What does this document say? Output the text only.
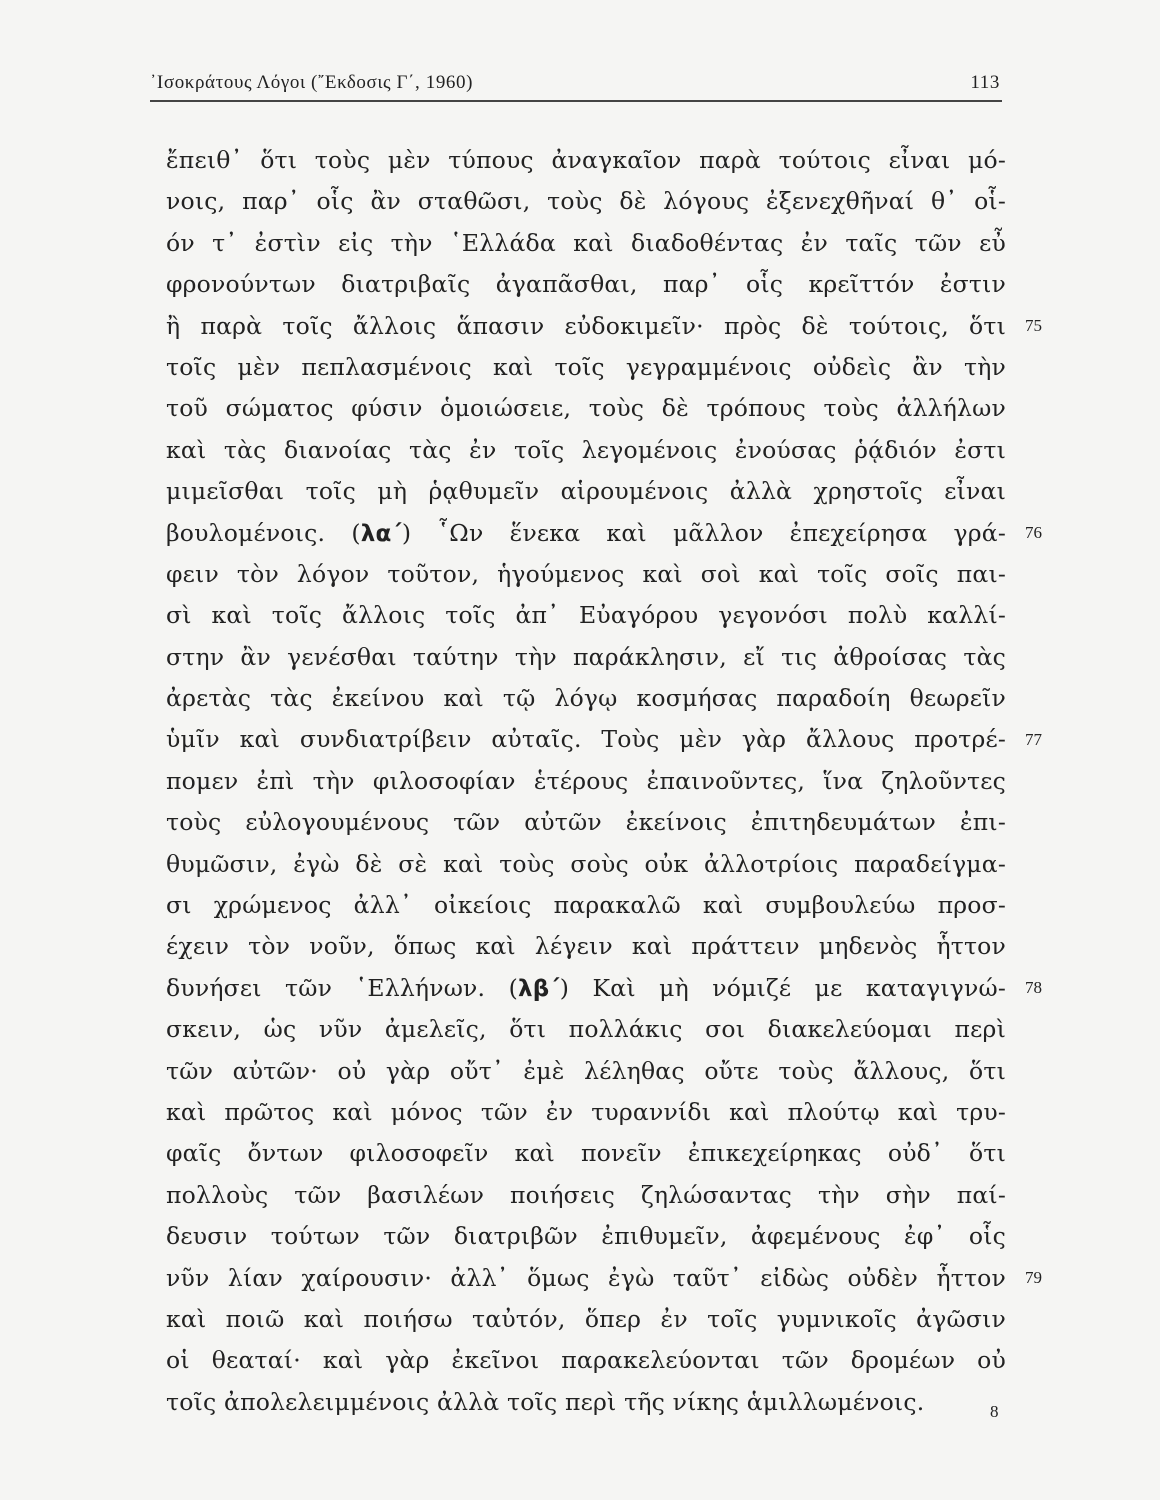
᾿Ισοκράτους Λόγοι (῎Εκδοσις Γ΄, 1960)	113
ἔπειθ᾿ ὅτι τοὺς μὲν τύπους ἀναγκαῖον παρὰ τούτοις εἶναι μό-
νοις, παρ᾿ οἷς ἂν σταθῶσι, τοὺς δὲ λόγους ἐξενεχθῆναί θ᾿ οἷ-
όν τ᾿ ἐστὶν εἰς τὴν ῾Ελλάδα καὶ διαδοθέντας ἐν ταῖς τῶν εὖ
φρονούντων διατριβαῖς ἀγαπᾶσθαι, παρ᾿ οἷς κρεῖττόν ἐστιν
ἢ παρὰ τοῖς ἄλλοις ἅπασιν εὐδοκιμεῖν· πρὸς δὲ τούτοις, ὅτι
τοῖς μὲν πεπλασμένοις καὶ τοῖς γεγραμμένοις οὐδεὶς ἂν τὴν
τοῦ σώματος φύσιν ὁμοιώσειε, τοὺς δὲ τρόπους τοὺς ἀλλήλων
καὶ τὰς διανοίας τὰς ἐν τοῖς λεγομένοις ἐνούσας ῥᾴδιόν ἐστι
μιμεῖσθαι τοῖς μὴ ῥᾳθυμεῖν αἱρουμένοις ἀλλὰ χρηστοῖς εἶναι
βουλομένοις. (λα΄) ῟Ων ἕνεκα καὶ μᾶλλον ἐπεχείρησα γρά-
φειν τὸν λόγον τοῦτον, ἡγούμενος καὶ σοὶ καὶ τοῖς σοῖς παι-
σὶ καὶ τοῖς ἄλλοις τοῖς ἀπ᾿ Εὐαγόρου γεγονόσι πολὺ καλλί-
στην ἂν γενέσθαι ταύτην τὴν παράκλησιν, εἴ τις ἀθροίσας τὰς
ἀρετὰς τὰς ἐκείνου καὶ τῷ λόγῳ κοσμήσας παραδοίη θεωρεῖν
ὑμῖν καὶ συνδιατρίβειν αὐταῖς. Τοὺς μὲν γὰρ ἄλλους προτρέ-
πομεν ἐπὶ τὴν φιλοσοφίαν ἑτέρους ἐπαινοῦντες, ἵνα ζηλοῦντες
τοὺς εὐλογουμένους τῶν αὐτῶν ἐκείνοις ἐπιτηδευμάτων ἐπι-
θυμῶσιν, ἐγὼ δὲ σὲ καὶ τοὺς σοὺς οὐκ ἀλλοτρίοις παραδείγμα-
σι χρώμενος ἀλλ᾿ οἰκείοις παρακαλῶ καὶ συμβουλεύω προσ-
έχειν τὸν νοῦν, ὅπως καὶ λέγειν καὶ πράττειν μηδενὸς ἧττον
δυνήσει τῶν ῾Ελλήνων. (λβ΄) Καὶ μὴ νόμιζέ με καταγιγνώ-
σκειν, ὡς νῦν ἀμελεῖς, ὅτι πολλάκις σοι διακελεύομαι περὶ
τῶν αὐτῶν· οὐ γὰρ οὔτ᾿ ἐμὲ λέληθας οὔτε τοὺς ἄλλους, ὅτι
καὶ πρῶτος καὶ μόνος τῶν ἐν τυραννίδι καὶ πλούτῳ καὶ τρυ-
φαῖς ὄντων φιλοσοφεῖν καὶ πονεῖν ἐπικεχείρηκας οὐδ᾿ ὅτι
πολλοὺς τῶν βασιλέων ποιήσεις ζηλώσαντας τὴν σὴν παί-
δευσιν τούτων τῶν διατριβῶν ἐπιθυμεῖν, ἀφεμένους ἐφ᾿ οἷς
νῦν λίαν χαίρουσιν· ἀλλ᾿ ὅμως ἐγὼ ταῦτ᾿ εἰδὼς οὐδὲν ἧττον
καὶ ποιῶ καὶ ποιήσω ταὐτόν, ὅπερ ἐν τοῖς γυμνικοῖς ἀγῶσιν
οἱ θεαταί· καὶ γὰρ ἐκεῖνοι παρακελεύονται τῶν δρομέων οὐ
τοῖς ἀπολελειμμένοις ἀλλὰ τοῖς περὶ τῆς νίκης ἁμιλλωμένοις.
75
76
77
78
79
8
